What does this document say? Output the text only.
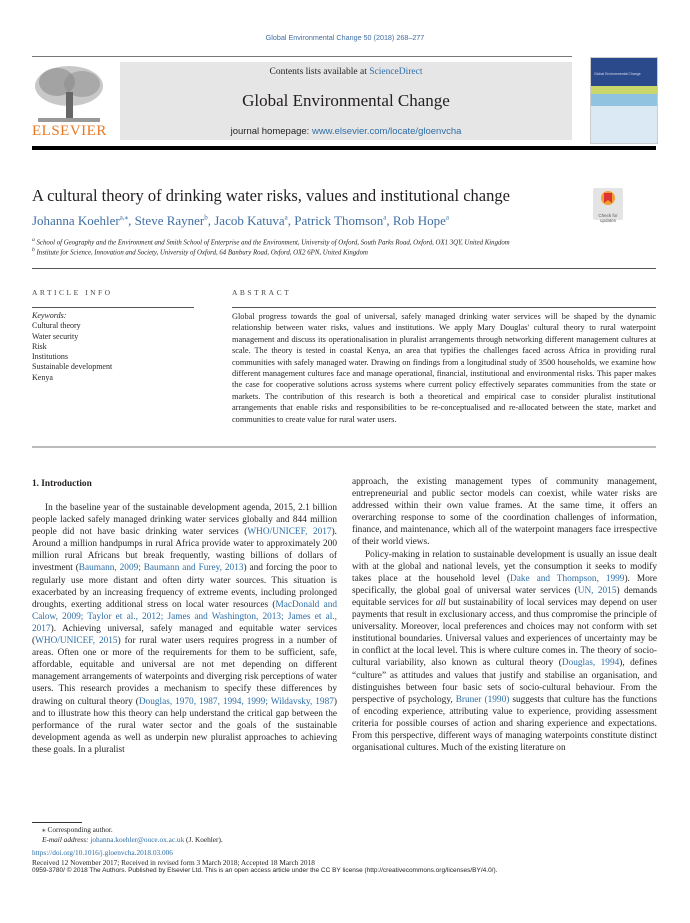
Global Environmental Change 50 (2018) 268–277
ELSEVIER
Contents lists available at ScienceDirect
Global Environmental Change
journal homepage: www.elsevier.com/locate/gloenvcha
Global Environmental Change
A cultural theory of drinking water risks, values and institutional change
Check for updates
Johanna Koehler$^{a,⁎}$, Steve Rayner$^b$, Jacob Katuva$^a$, Patrick Thomson$^a$, Rob Hope$^a$
$^a$ School of Geography and the Environment and Smith School of Enterprise and the Environment, University of Oxford, South Parks Road, Oxford, OX1 3QY, United Kingdom
$^b$ Institute for Science, Innovation and Society, University of Oxford, 64 Banbury Road, Oxford, OX2 6PN, United Kingdom
ARTICLE INFO	ABSTRACT
Keywords:
Cultural theory
Water security
Risk
Institutions
Sustainable development
Kenya
Global progress towards the goal of universal, safely managed drinking water services will be shaped by the dynamic relationship between water risks, values and institutions. We apply Mary Douglas' cultural theory to rural waterpoint management and discuss its operationalisation in pluralist arrangements through networking different management cultures at scale. The theory is tested in coastal Kenya, an area that typifies the challenges faced across Africa in providing rural communities with safely managed water. Drawing on findings from a longitudinal study of 3500 households, we examine how different management cultures face and manage operational, financial, institutional and environmental risks. This paper makes the case for cooperative solutions across systems where current policy effectively separates communities from the state or markets. The contribution of this research is both a theoretical and empirical case to consider pluralist institutional arrangements that enable risks and responsibilities to be re-conceptualised and re-allocated between the state, market and communities to create value for rural water users.
1. Introduction

In the baseline year of the sustainable development agenda, 2015, 2.1 billion people lacked safely managed drinking water services globally and 844 million people did not have basic drinking water services (WHO/UNICEF, 2017). Around a million handpumps in rural Africa provide water to approximately 200 million rural Africans but break frequently, wasting billions of dollars of investment (Baumann, 2009; Baumann and Furey, 2013) and forcing the poor to regularly use more distant and often dirty water sources. This situation is exacerbated by an increasing frequency of extreme events, including prolonged droughts, exerting additional stress on local water resources (MacDonald and Calow, 2009; Taylor et al., 2012; James and Washington, 2013; James et al., 2017). Achieving universal, safely managed and equitable water services (WHO/UNICEF, 2015) for rural water users requires progress in a number of areas. Often one or more of the requirements for them to be sufficient, safe, affordable, equitable and universal are not met depending on different management arrangements of waterpoints and diverging risk perceptions of water users. This research provides a mechanism to specify these differences by drawing on cultural theory (Douglas, 1970, 1987, 1994, 1999; Wildavsky, 1987) and to illustrate how this theory can help understand the critical gap between the performance of the rural water sector and the goals of the sustainable development agenda as well as underpin new pluralist approaches to achieving these goals. In a pluralist

approach, the existing management types of community management, entrepreneurial and public sector models can coexist, while water risks are addressed within their own value frames. At the same time, it offers an overarching response to some of the coordination challenges of information, finance, and maintenance, which all of the waterpoint managers face irrespective of their world views.

Policy-making in relation to sustainable development is usually an issue dealt with at the global and national levels, yet the consumption it seeks to modify takes place at the household level (Dake and Thompson, 1999). More specifically, the global goal of universal water services (UN, 2015) demands equitable services for all but sustainability of local services may depend on user payments that result in exclusionary access, and thus compromise the principle of universality. Moreover, local preferences and choices may not conform with set institutional boundaries. Universal values and experiences of uncertainty may be in conflict at the local level. This is where culture comes in. The theory of socio-cultural variability, also known as cultural theory (Douglas, 1994), defines “culture” as attitudes and values that justify and stabilise an organisation, and distinguishes between four basic sets of socio-cultural behaviour. From the perspective of psychology, Bruner (1990) suggests that culture has the functions of encoding experience, attributing value to experience, providing assessment criteria for possible courses of action and sharing experience and expectations. From this perspective, different ways of managing waterpoints constitute distinct organisational cultures. Much of the existing literature on

⁎ Corresponding author.
E-mail address: johanna.koehler@ouce.ox.ac.uk (J. Koehler).
https://doi.org/10.1016/j.gloenvcha.2018.03.006
Received 12 November 2017; Received in revised form 3 March 2018; Accepted 18 March 2018
0959-3780/ © 2018 The Authors. Published by Elsevier Ltd. This is an open access article under the CC BY license (http://creativecommons.org/licenses/BY/4.0/).
